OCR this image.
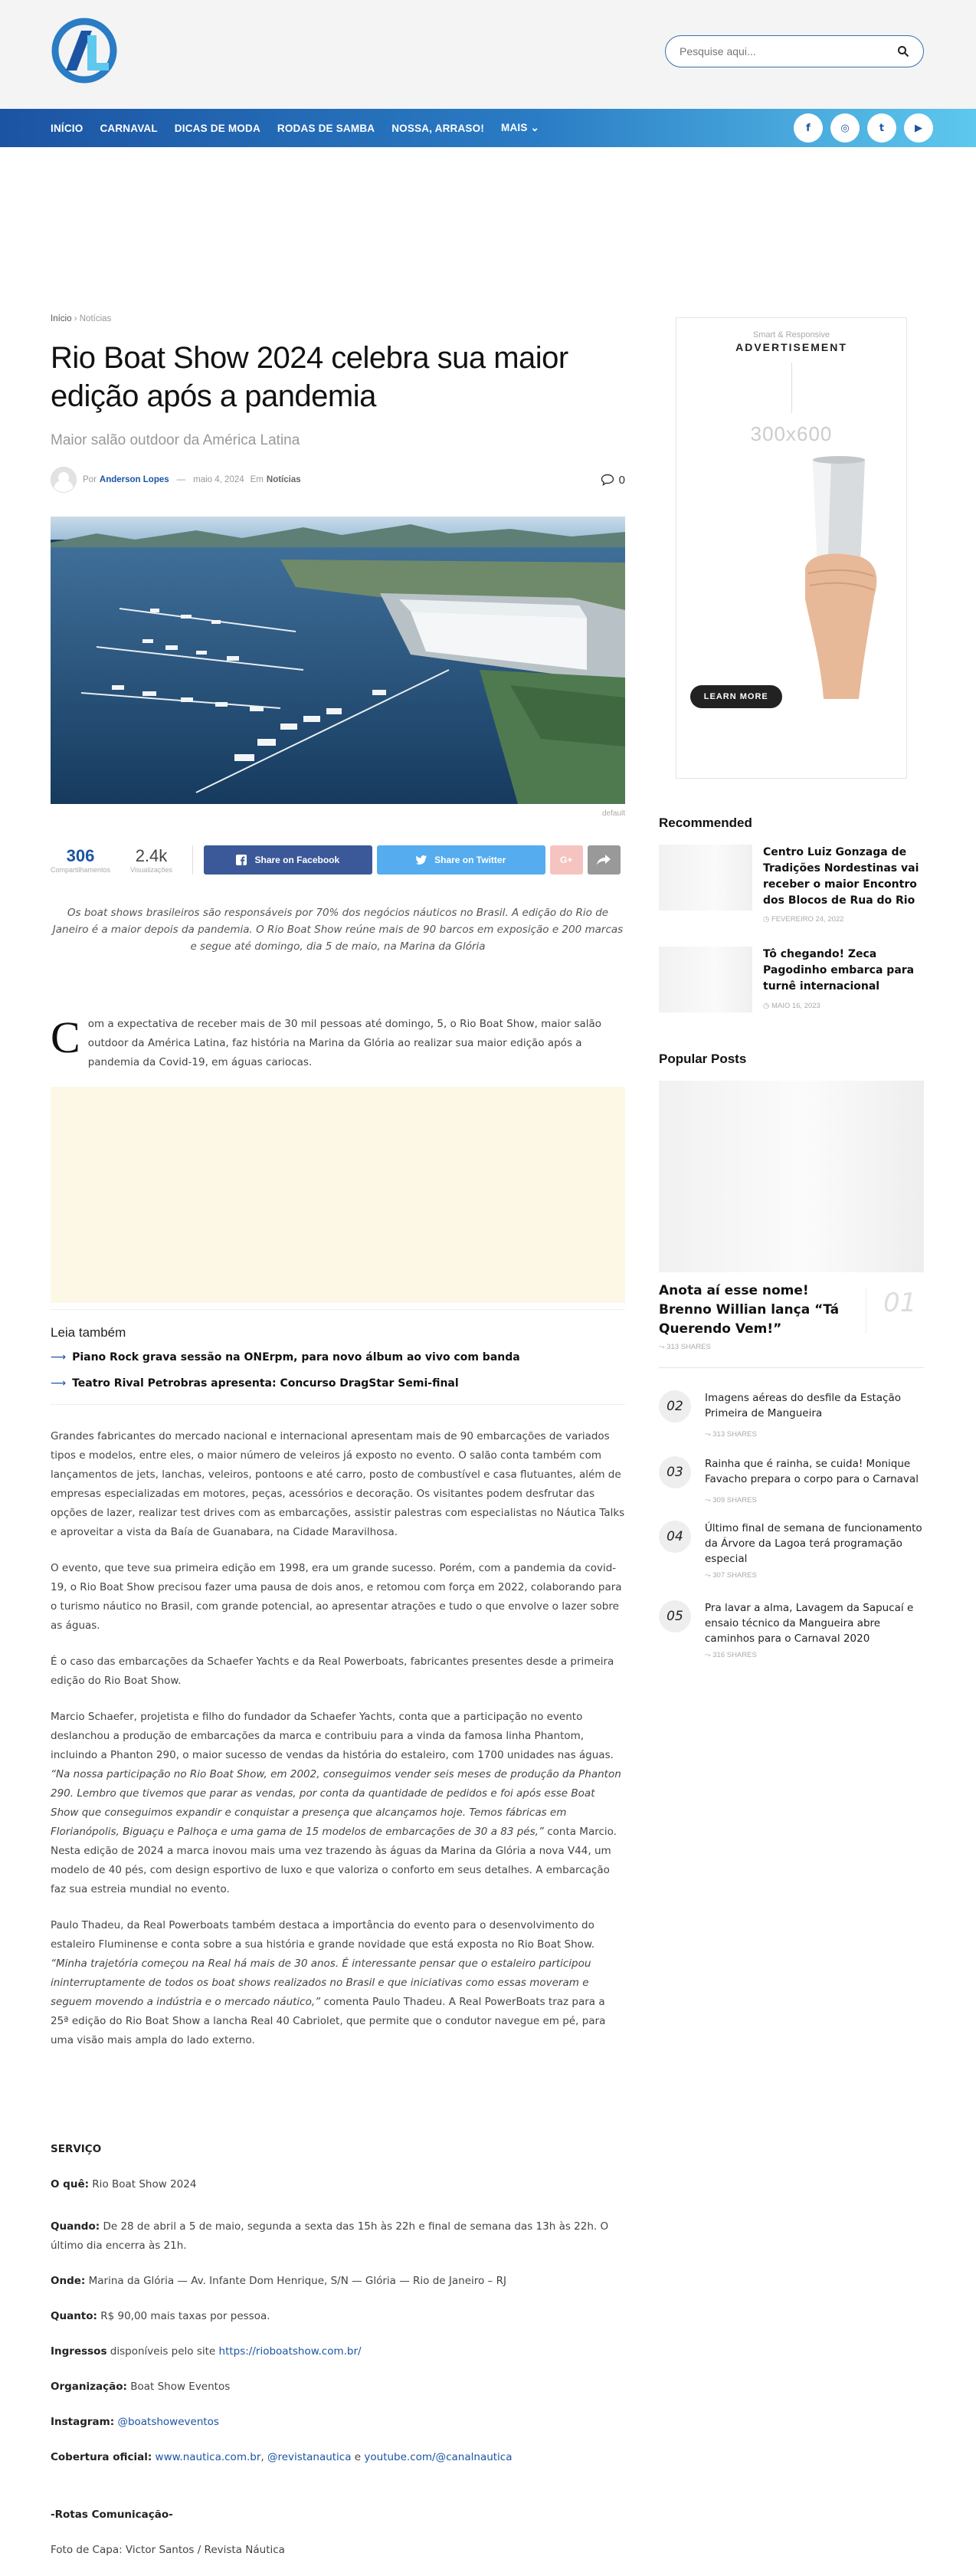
Pesquise aqui...
INÍCIO CARNAVAL DICAS DE MODA RODAS DE SAMBA NOSSA, ARRASO! MAIS ⌄	f	◎	t	▶
Início › Notícias
Rio Boat Show 2024 celebra sua maior edição após a pandemia
Maior salão outdoor da América Latina
Por Anderson Lopes — maio 4, 2024 Em Notícias	0
default
306
Compartilhamentos
2.4k
Visualizações
Share on Facebook	Share on Twitter	G+

Os boat shows brasileiros são responsáveis por 70% dos negócios náuticos no Brasil. A edição do Rio de Janeiro é a maior depois da pandemia. O Rio Boat Show reúne mais de 90 barcos em exposição e 200 marcas e segue até domingo, dia 5 de maio, na Marina da Glória

C om a expectativa de receber mais de 30 mil pessoas até domingo, 5, o Rio Boat Show, maior salão outdoor da América Latina, faz história na Marina da Glória ao realizar sua maior edição após a pandemia da Covid-19, em águas cariocas.
Leia também
⟶ Piano Rock grava sessão na ONErpm, para novo álbum ao vivo com banda
⟶ Teatro Rival Petrobras apresenta: Concurso DragStar Semi-final

Grandes fabricantes do mercado nacional e internacional apresentam mais de 90 embarcações de variados tipos e modelos, entre eles, o maior número de veleiros já exposto no evento. O salão conta também com lançamentos de jets, lanchas, veleiros, pontoons e até carro, posto de combustível e casa flutuantes, além de empresas especializadas em motores, peças, acessórios e decoração. Os visitantes podem desfrutar das opções de lazer, realizar test drives com as embarcações, assistir palestras com especialistas no Náutica Talks e aproveitar a vista da Baía de Guanabara, na Cidade Maravilhosa.

O evento, que teve sua primeira edição em 1998, era um grande sucesso. Porém, com a pandemia da covid-19, o Rio Boat Show precisou fazer uma pausa de dois anos, e retomou com força em 2022, colaborando para o turismo náutico no Brasil, com grande potencial, ao apresentar atrações e tudo o que envolve o lazer sobre as águas.

É o caso das embarcações da Schaefer Yachts e da Real Powerboats, fabricantes presentes desde a primeira edição do Rio Boat Show.

Marcio Schaefer, projetista e filho do fundador da Schaefer Yachts, conta que a participação no evento deslanchou a produção de embarcações da marca e contribuiu para a vinda da famosa linha Phantom, incluindo a Phanton 290, o maior sucesso de vendas da história do estaleiro, com 1700 unidades nas águas. “Na nossa participação no Rio Boat Show, em 2002, conseguimos vender seis meses de produção da Phanton 290. Lembro que tivemos que parar as vendas, por conta da quantidade de pedidos e foi após esse Boat Show que conseguimos expandir e conquistar a presença que alcançamos hoje. Temos fábricas em Florianópolis, Biguaçu e Palhoça e uma gama de 15 modelos de embarcações de 30 a 83 pés,” conta Marcio. Nesta edição de 2024 a marca inovou mais uma vez trazendo às águas da Marina da Glória a nova V44, um modelo de 40 pés, com design esportivo de luxo e que valoriza o conforto em seus detalhes. A embarcação faz sua estreia mundial no evento.

Paulo Thadeu, da Real Powerboats também destaca a importância do evento para o desenvolvimento do estaleiro Fluminense e conta sobre a sua história e grande novidade que está exposta no Rio Boat Show. “Minha trajetória começou na Real há mais de 30 anos. É interessante pensar que o estaleiro participou ininterruptamente de todos os boat shows realizados no Brasil e que iniciativas como essas moveram e seguem movendo a indústria e o mercado náutico,” comenta Paulo Thadeu. A Real PowerBoats traz para a 25ª edição do Rio Boat Show a lancha Real 40 Cabriolet, que permite que o condutor navegue em pé, para uma visão mais ampla do lado externo.

SERVIÇO
O quê: Rio Boat Show 2024
Quando: De 28 de abril a 5 de maio, segunda a sexta das 15h às 22h e final de semana das 13h às 22h. O último dia encerra às 21h.
Onde: Marina da Glória — Av. Infante Dom Henrique, S/N — Glória — Rio de Janeiro – RJ
Quanto: R$ 90,00 mais taxas por pessoa.
Ingressos disponíveis pelo site https://rioboatshow.com.br/
Organização: Boat Show Eventos
Instagram: @boatshoweventos
Cobertura oficial: www.nautica.com.br, @revistanautica e youtube.com/@canalnautica
-Rotas Comunicação-
Foto de Capa: Victor Santos / Revista Náutica
Smart & Responsive
ADVERTISEMENT
300x600
LEARN MORE
Recommended
Centro Luiz Gonzaga de Tradições Nordestinas vai receber o maior Encontro dos Blocos de Rua do Rio
◷ FEVEREIRO 24, 2022
Tô chegando! Zeca Pagodinho embarca para turnê internacional
◷ MAIO 16, 2023
Popular Posts
Anota aí esse nome! Brenno Willian lança “Tá Querendo Vem!”
01
⤳ 313 SHARES
02
Imagens aéreas do desfile da Estação Primeira de Mangueira
⤳ 313 SHARES
03
Rainha que é rainha, se cuida! Monique Favacho prepara o corpo para o Carnaval
⤳ 309 SHARES
04
Último final de semana de funcionamento da Árvore da Lagoa terá programação especial
⤳ 307 SHARES
05
Pra lavar a alma, Lavagem da Sapucaí e ensaio técnico da Mangueira abre caminhos para o Carnaval 2020
⤳ 316 SHARES
